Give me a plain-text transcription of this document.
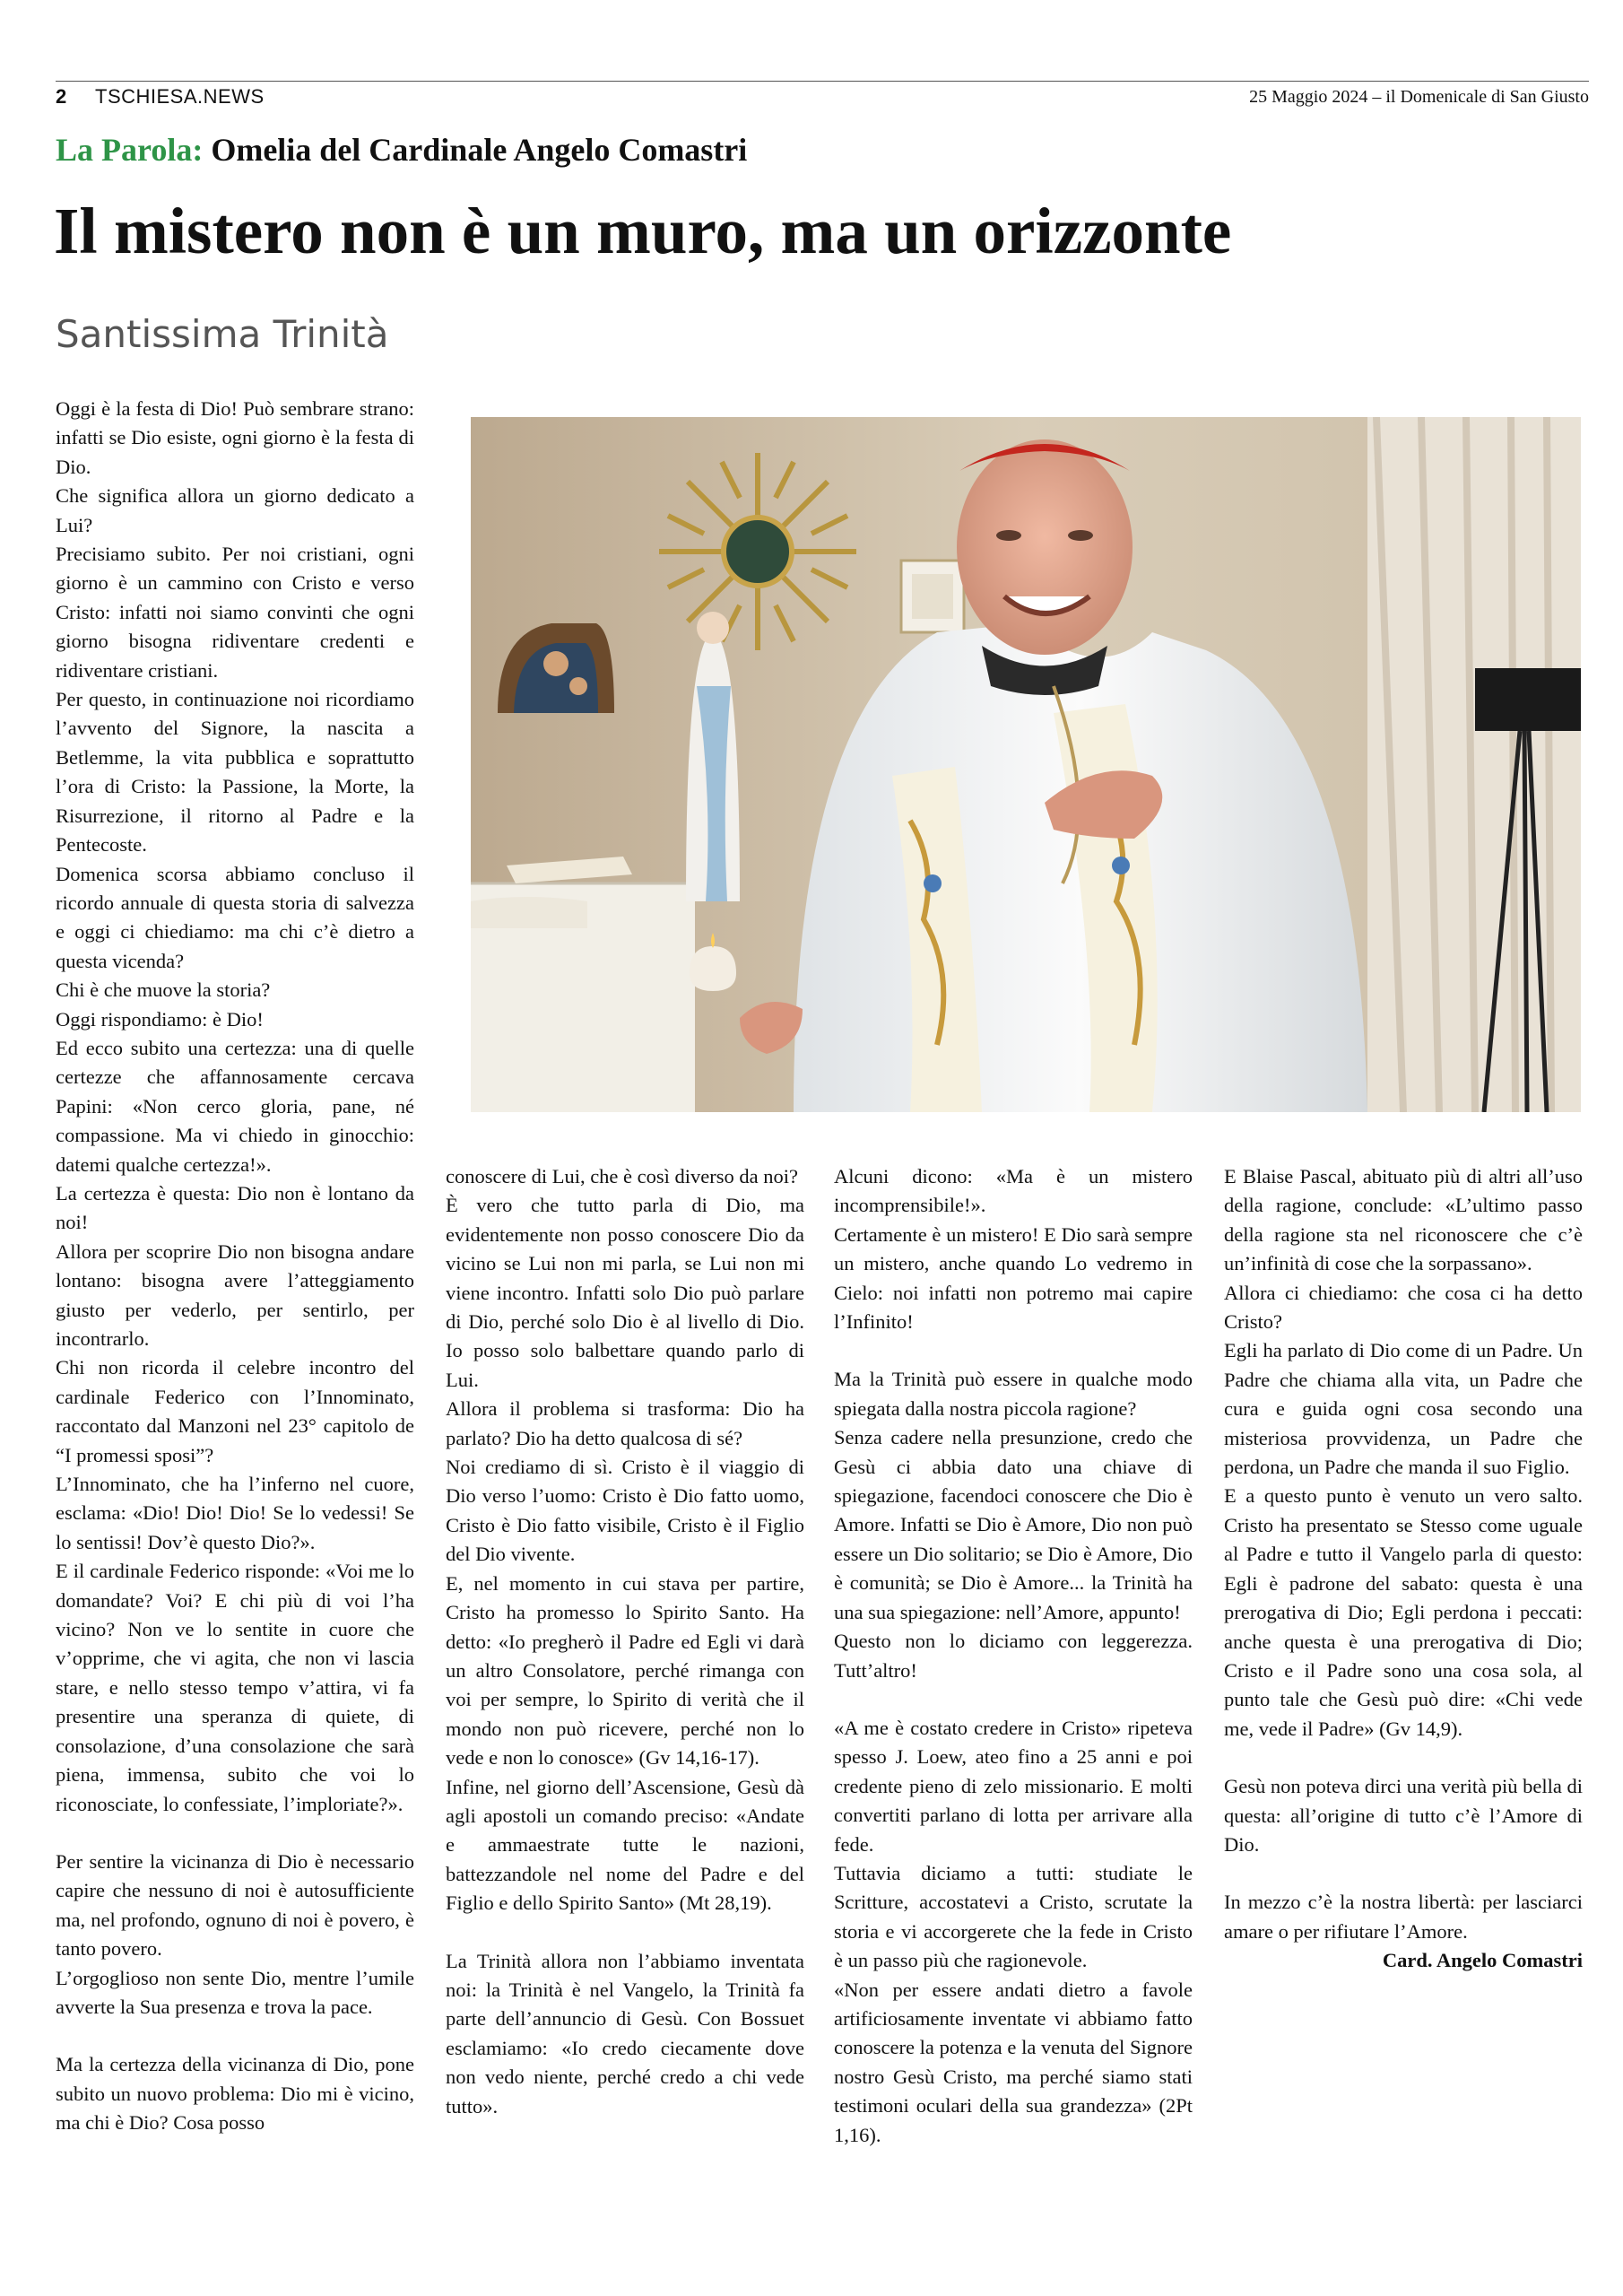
2 TSCHIESA.NEWS	25 Maggio 2024 – il Domenicale di San Giusto
La Parola: Omelia del Cardinale Angelo Comastri
Il mistero non è un muro, ma un orizzonte
Santissima Trinità

Oggi è la festa di Dio! Può sembrare strano: infatti se Dio esiste, ogni giorno è la festa di Dio.

Che significa allora un giorno dedicato a Lui?

Precisiamo subito. Per noi cristiani, ogni giorno è un cammino con Cristo e verso Cristo: infatti noi siamo convinti che ogni giorno bisogna ridiventare credenti e ridiventare cristiani.

Per questo, in continuazione noi ricordiamo l’avvento del Signore, la nascita a Betlemme, la vita pubblica e soprattutto l’ora di Cristo: la Passione, la Morte, la Risurrezione, il ritorno al Padre e la Pentecoste.

Domenica scorsa abbiamo concluso il ricordo annuale di questa storia di salvezza e oggi ci chiediamo: ma chi c’è dietro a questa vicenda?

Chi è che muove la storia?

Oggi rispondiamo: è Dio!

Ed ecco subito una certezza: una di quelle certezze che affannosamente cercava Papini: «Non cerco gloria, pane, né compassione. Ma vi chiedo in ginocchio: datemi qualche certezza!».

La certezza è questa: Dio non è lontano da noi!

Allora per scoprire Dio non bisogna andare lontano: bisogna avere l’atteggiamento giusto per vederlo, per sentirlo, per incontrarlo.

Chi non ricorda il celebre incontro del cardinale Federico con l’Innominato, raccontato dal Manzoni nel 23° capitolo de “I promessi sposi”?

L’Innominato, che ha l’inferno nel cuore, esclama: «Dio! Dio! Dio! Se lo vedessi! Se lo sentissi! Dov’è questo Dio?».

E il cardinale Federico risponde: «Voi me lo domandate? Voi? E chi più di voi l’ha vicino? Non ve lo sentite in cuore che v’opprime, che vi agita, che non vi lascia stare, e nello stesso tempo v’attira, vi fa presentire una speranza di quiete, di consolazione, d’una consolazione che sarà piena, immensa, subito che voi lo riconosciate, lo confessiate, l’imploriate?».

Per sentire la vicinanza di Dio è necessario capire che nessuno di noi è autosufficiente ma, nel profondo, ognuno di noi è povero, è tanto povero.

L’orgoglioso non sente Dio, mentre l’umile avverte la Sua presenza e trova la pace.

Ma la certezza della vicinanza di Dio, pone subito un nuovo problema: Dio mi è vicino, ma chi è Dio? Cosa posso

conoscere di Lui, che è così diverso da noi?

È vero che tutto parla di Dio, ma evidentemente non posso conoscere Dio da vicino se Lui non mi parla, se Lui non mi viene incontro. Infatti solo Dio può parlare di Dio, perché solo Dio è al livello di Dio. Io posso solo balbettare quando parlo di Lui.

Allora il problema si trasforma: Dio ha parlato? Dio ha detto qualcosa di sé?

Noi crediamo di sì. Cristo è il viaggio di Dio verso l’uomo: Cristo è Dio fatto uomo, Cristo è Dio fatto visibile, Cristo è il Figlio del Dio vivente.

E, nel momento in cui stava per partire, Cristo ha promesso lo Spirito Santo. Ha detto: «Io pregherò il Padre ed Egli vi darà un altro Consolatore, perché rimanga con voi per sempre, lo Spirito di verità che il mondo non può ricevere, perché non lo vede e non lo conosce» (Gv 14,16-17).

Infine, nel giorno dell’Ascensione, Gesù dà agli apostoli un comando preciso: «Andate e ammaestrate tutte le nazioni, battezzandole nel nome del Padre e del Figlio e dello Spirito Santo» (Mt 28,19).

La Trinità allora non l’abbiamo inventata noi: la Trinità è nel Vangelo, la Trinità fa parte dell’annuncio di Gesù. Con Bossuet esclamiamo: «Io credo ciecamente dove non vedo niente, perché credo a chi vede tutto».

Alcuni dicono: «Ma è un mistero incomprensibile!».

Certamente è un mistero! E Dio sarà sempre un mistero, anche quando Lo vedremo in Cielo: noi infatti non potremo mai capire l’Infinito!

Ma la Trinità può essere in qualche modo spiegata dalla nostra piccola ragione?

Senza cadere nella presunzione, credo che Gesù ci abbia dato una chiave di spiegazione, facendoci conoscere che Dio è Amore. Infatti se Dio è Amore, Dio non può essere un Dio solitario; se Dio è Amore, Dio è comunità; se Dio è Amore... la Trinità ha una sua spiegazione: nell’Amore, appunto!

Questo non lo diciamo con leggerezza. Tutt’altro!

«A me è costato credere in Cristo» ripeteva spesso J. Loew, ateo fino a 25 anni e poi credente pieno di zelo missionario. E molti convertiti parlano di lotta per arrivare alla fede.

Tuttavia diciamo a tutti: studiate le Scritture, accostatevi a Cristo, scrutate la storia e vi accorgerete che la fede in Cristo è un passo più che ragionevole.

«Non per essere andati dietro a favole artificiosamente inventate vi abbiamo fatto conoscere la potenza e la venuta del Signore nostro Gesù Cristo, ma perché siamo stati testimoni oculari della sua grandezza» (2Pt 1,16).

E Blaise Pascal, abituato più di altri all’uso della ragione, conclude: «L’ultimo passo della ragione sta nel riconoscere che c’è un’infinità di cose che la sorpassano».

Allora ci chiediamo: che cosa ci ha detto Cristo?

Egli ha parlato di Dio come di un Padre. Un Padre che chiama alla vita, un Padre che cura e guida ogni cosa secondo una misteriosa provvidenza, un Padre che perdona, un Padre che manda il suo Figlio.

E a questo punto è venuto un vero salto. Cristo ha presentato se Stesso come uguale al Padre e tutto il Vangelo parla di questo: Egli è padrone del sabato: questa è una prerogativa di Dio; Egli perdona i peccati: anche questa è una prerogativa di Dio; Cristo e il Padre sono una cosa sola, al punto tale che Gesù può dire: «Chi vede me, vede il Padre» (Gv 14,9).

Gesù non poteva dirci una verità più bella di questa: all’origine di tutto c’è l’Amore di Dio.

In mezzo c’è la nostra libertà: per lasciarci amare o per rifiutare l’Amore.

Card. Angelo Comastri
